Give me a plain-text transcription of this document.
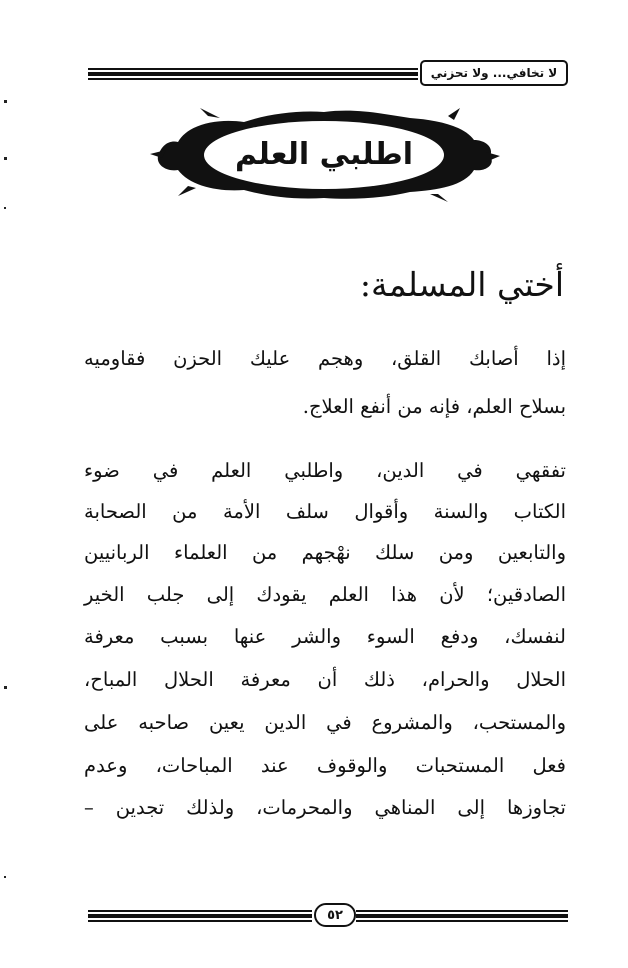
لا تخافي... ولا تحزني
اطلبي العلم
أختي المسلمة:
إذا أصابك القلق، وهجم عليك الحزن فقاوميه
بسلاح العلم، فإنه من أنفع العلاج.
تفقهي في الدين، واطلبي العلم في ضوء
الكتاب والسنة وأقوال سلف الأمة من الصحابة
والتابعين ومن سلك نهْجهم من العلماء الربانيين
الصادقين؛ لأن هذا العلم يقودك إلى جلب الخير
لنفسك، ودفع السوء والشر عنها بسبب معرفة
الحلال والحرام، ذلك أن معرفة الحلال المباح،
والمستحب، والمشروع في الدين يعين صاحبه على
فعل المستحبات والوقوف عند المباحات، وعدم
تجاوزها إلى المناهي والمحرمات، ولذلك تجدين –
٥٢
